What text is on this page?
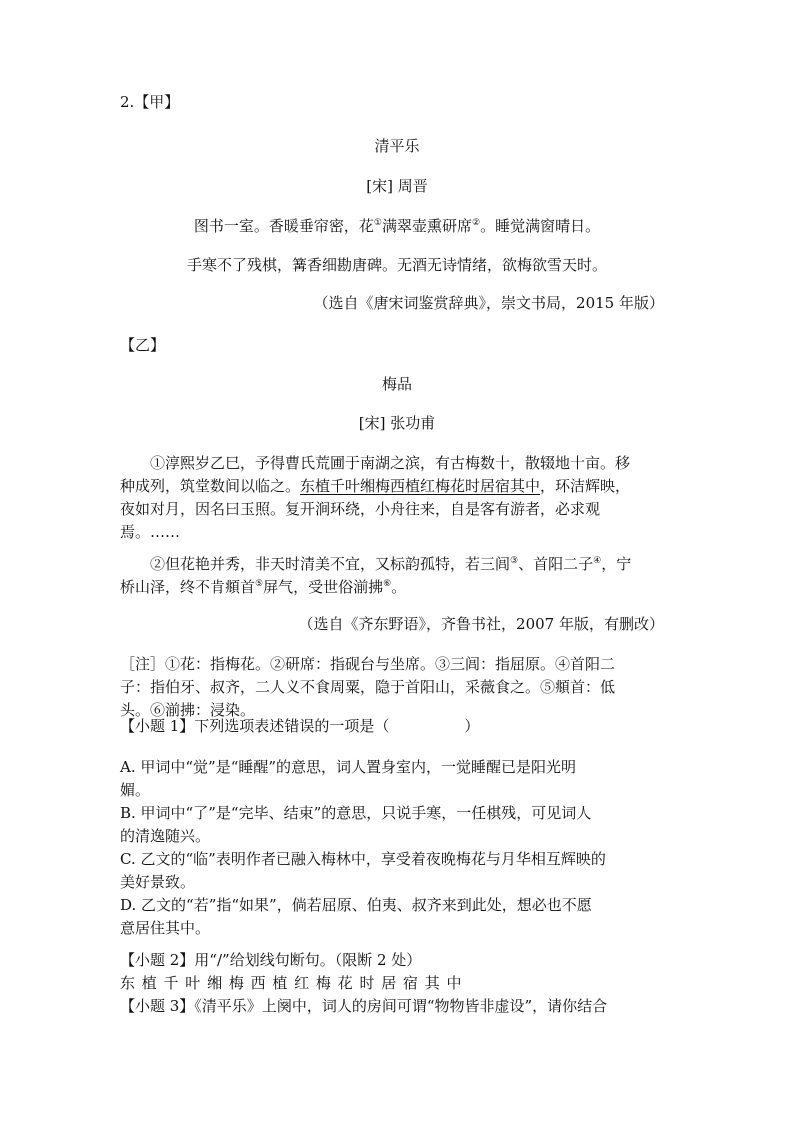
2.【甲】
清平乐
[宋] 周晋
图书一室。香暖垂帘密，花①满翠壶熏研席②。睡觉满窗晴日。
手寒不了残棋，篝香细勘唐碑。无酒无诗情绪，欲梅欲雪天时。
（选自《唐宋词鉴赏辞典》，崇文书局，2015 年版）
【乙】
梅品
[宋] 张功甫
①淳熙岁乙巳，予得曹氏荒圃于南湖之滨，有古梅数十，散辍地十亩。移
种成列，筑堂数间以临之。东植千叶缃梅西植红梅花时居宿其中，环洁辉映，
夜如对月，因名曰玉照。复开涧环绕，小舟往来，自是客有游者，必求观
焉。……
②但花艳并秀，非天时清美不宜，又标韵孤特，若三闾③、首阳二子④，宁
桥山泽，终不肯頫首⑤屏气，受世俗湔拂⑥。
（选自《齐东野语》，齐鲁书社，2007 年版，有删改）
［注］①花：指梅花。②研席：指砚台与坐席。③三闾：指屈原。④首阳二
子：指伯牙、叔齐，二人义不食周粟，隐于首阳山，采薇食之。⑤頫首：低
头。⑥湔拂：浸染。
【小题 1】下列选项表述错误的一项是（　　　　　）
A. 甲词中“觉”是“睡醒”的意思，词人置身室内，一觉睡醒已是阳光明
媚。
B. 甲词中“了”是“完毕、结束”的意思，只说手寒，一任棋残，可见词人
的清逸随兴。
C. 乙文的“临”表明作者已融入梅林中，享受着夜晚梅花与月华相互辉映的
美好景致。
D. 乙文的“若”指“如果”，倘若屈原、伯夷、叔齐来到此处，想必也不愿
意居住其中。
【小题 2】用“/”给划线句断句。（限断 2 处）
东 植 千 叶 缃 梅 西 植 红 梅 花 时 居 宿 其 中
【小题 3】《清平乐》上阕中，词人的房间可谓“物物皆非虚设”，请你结合
